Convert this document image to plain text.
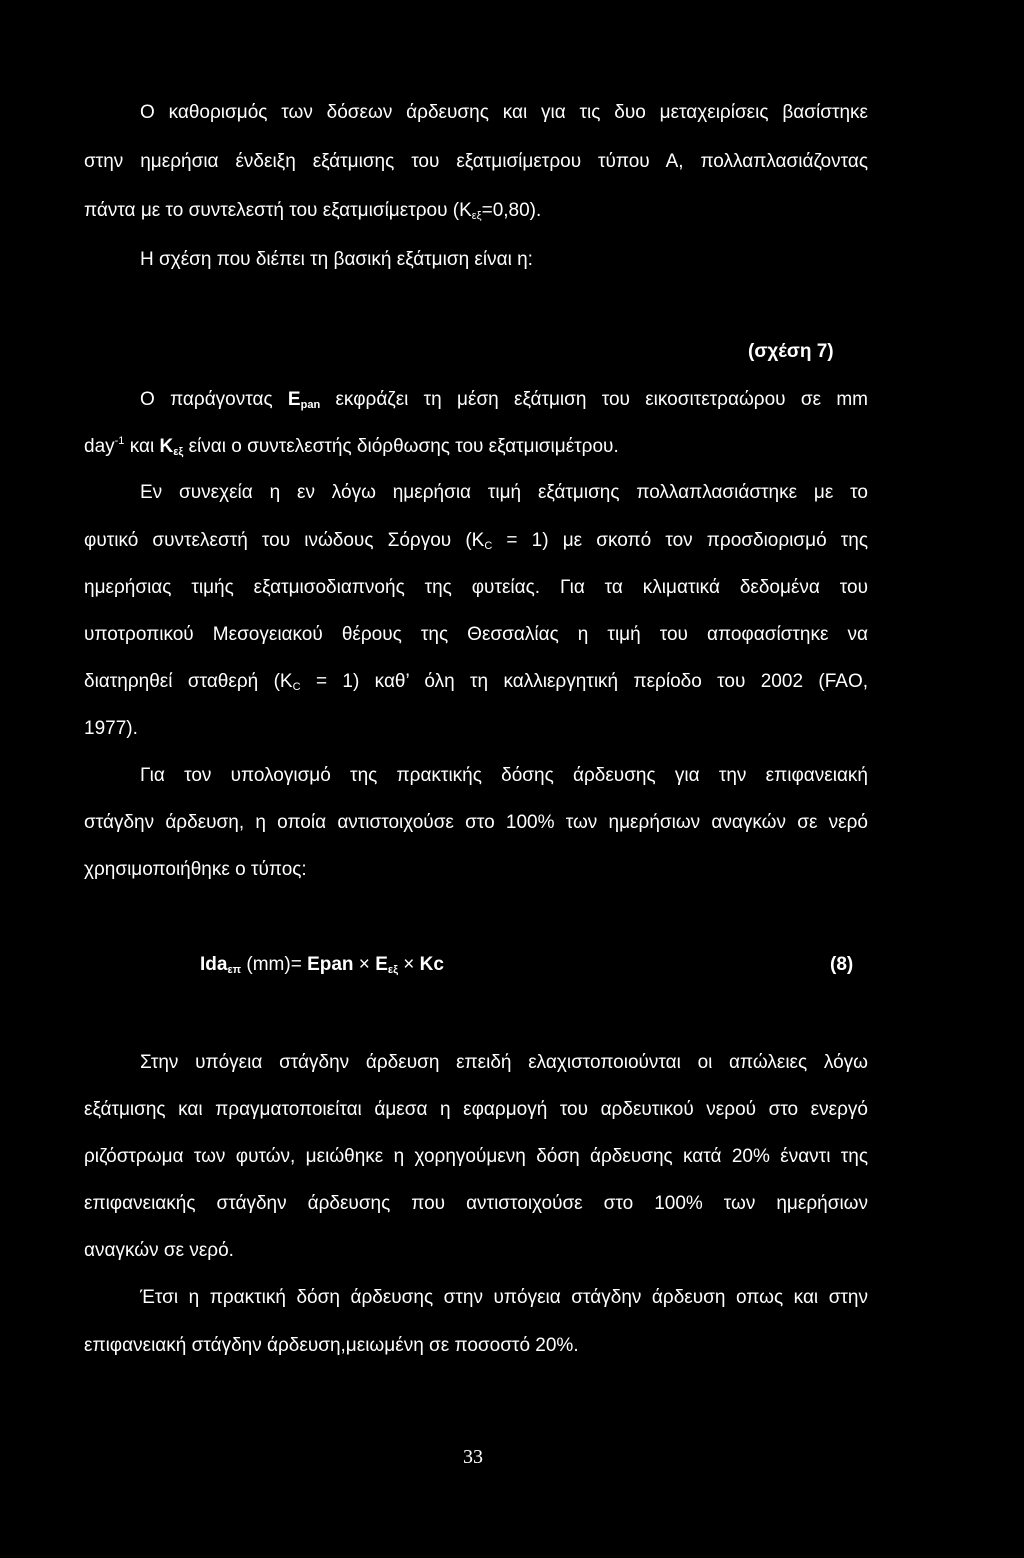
Ο καθορισμός των δόσεων άρδευσης και για τις δυο μεταχειρίσεις βασίστηκε
στην ημερήσια ένδειξη εξάτμισης του εξατμισίμετρου τύπου Α, πολλαπλασιάζοντας
πάντα με το συντελεστή του εξατμισίμετρου $(K_{\varepsilon\xi}=0,80)$.
Η σχέση που διέπει τη βασική εξάτμιση είναι η:
(σχέση 7)
Ο παράγοντας $E_{pan}$ εκφράζει τη μέση εξάτμιση του εικοσιτετραώρου σε mm
day$^{-1}$ και $K_{\varepsilon\xi}$ είναι ο συντελεστής διόρθωσης του εξατμισιμέτρου.
Εν συνεχεία η εν λόγω ημερήσια τιμή εξάτμισης πολλαπλασιάστηκε με το
φυτικό συντελεστή του ινώδους Σόργου $(K_C = 1)$ με σκοπό τον προσδιορισμό της
ημερήσιας τιμής εξατμισοδιαπνοής της φυτείας. Για τα κλιματικά δεδομένα του
υποτροπικού Μεσογειακού θέρους της Θεσσαλίας η τιμή του αποφασίστηκε να
διατηρηθεί σταθερή $(K_C = 1)$ καθ’ όλη τη καλλιεργητική περίοδο του 2002 (FAO,
1977).
Για τον υπολογισμό της πρακτικής δόσης άρδευσης για την επιφανειακή
στάγδην άρδευση, η οποία αντιστοιχούσε στο 100% των ημερήσιων αναγκών σε νερό
χρησιμοποιήθηκε ο τύπος:
Ida$_{\varepsilon\pi}$ (mm)= Epan × $E_{\varepsilon\xi} \times Kc$	(8)
Στην υπόγεια στάγδην άρδευση επειδή ελαχιστοποιούνται οι απώλειες λόγω
εξάτμισης και πραγματοποιείται άμεσα η εφαρμογή του αρδευτικού νερού στο ενεργό
ριζόστρωμα των φυτών, μειώθηκε η χορηγούμενη δόση άρδευσης κατά 20% έναντι της
επιφανειακής στάγδην άρδευσης που αντιστοιχούσε στο 100% των ημερήσιων
αναγκών σε νερό.
Έτσι η πρακτική δόση άρδευσης στην υπόγεια στάγδην άρδευση οπως και στην
επιφανειακή στάγδην άρδευση,μειωμένη σε ποσοστό 20%.
33
